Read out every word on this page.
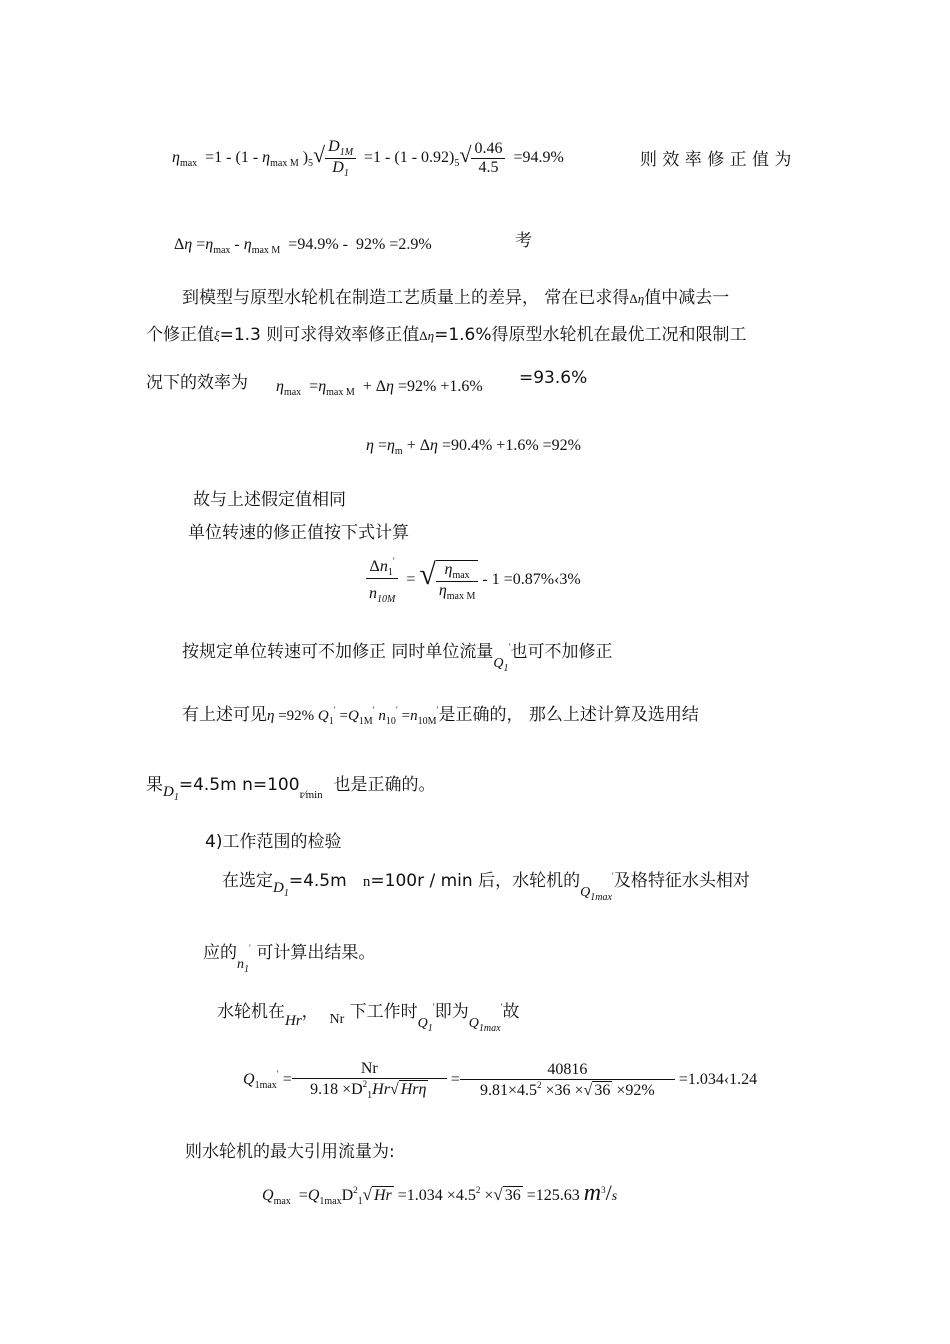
$\eta_{max} =1 - (1 - \eta_{max M}$ )$_5√ \frac{D_{1M}}{D_1} =1 - (1 - 0.92)_5√ \frac{0.46}{4.5} =94.9\%$	则 效 率 修 正 值 为
$\Delta\eta =\eta_{max} - \eta_{max M} =94.9\% - 92\% =2.9\%$	考
到模型与原型水轮机在制造工艺质量上的差异， 常在已求得Δη值中减去一
个修正值ξ=1.3 则可求得效率修正值Δη=1.6%得原型水轮机在最优工况和限制工
况下的效率为 $\eta_{max} =\eta_{max M} + \Delta\eta =92\% +1.6\% =93.6\%$
$\eta =\eta_m + \Delta\eta =90.4\% +1.6\% =92\%$
故与上述假定值相同
单位转速的修正值按下式计算
$\frac{\Delta n_1'}{n_{10M}}$ = √ $\frac{\eta_{max}}{\eta_{max M}} - 1$ =0.87%‹3%
按规定单位转速可不加修正 同时单位流量$_{Q_1}$′也可不加修正
有上述可见η =92% $Q_1' =Q_{1M}'$ $n_{10}' =n_{10M}'$是正确的， 那么上述计算及选用结
果$D_1=4.5m$ $n=100_{r⁄min}$ 也是正确的。
4)工作范围的检验
在选定$D_1=4.5m$ n=100r / min 后，水轮机的$_{Q_{1max}}$′及格特征水头相对
应的$_{n_1}$′ 可计算出结果。
水轮机在Hr， $_{Nr}$ 下工作时$_{Q_1}$′即为$_{Q_{1max}}$′故
$Q_{1max}' = \frac{Nr}{9.18 \times D^2_1Hr√ Hr\eta} = \frac{40816}{9.81\times 4.5^2 \times 36 \times√ 36 \times 92\%}$ =1.034‹1.24
则水轮机的最大引用流量为:
$Q_{max} =Q_{1max}D^2_1√$ $Hr =1.034 \times 4.5^2$ ×√ 36 =125.63 $m^3/s$
